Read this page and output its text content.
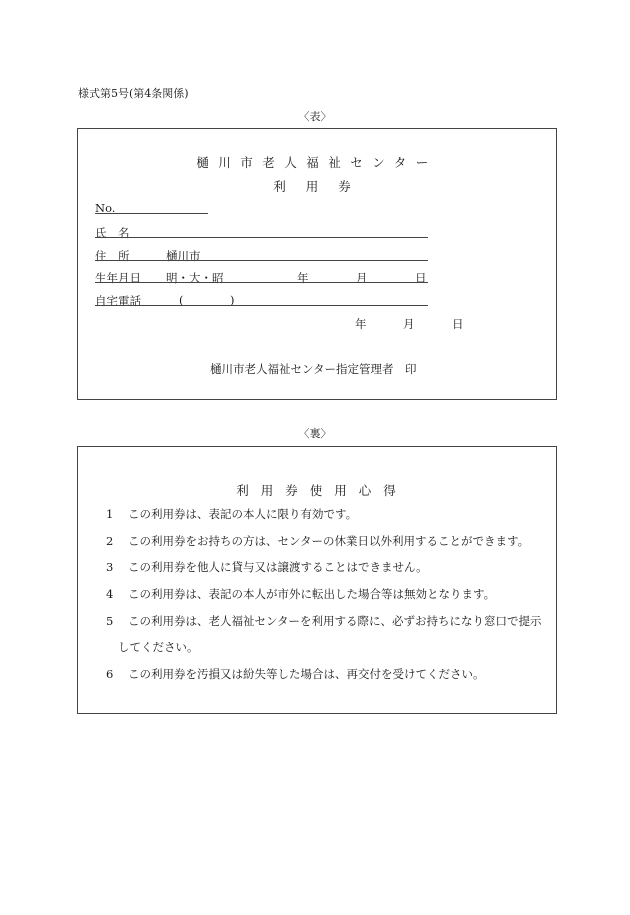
様式第5号(第4条関係)
〈表〉
樋川市老人福祉センター
利用券
No.
氏　名
住　所	樋川市
生年月日 明・大・昭	年	月	日
自宅電話	(	)
年	月	日
樋川市老人福祉センター指定管理者　印
〈裏〉
利用券使用心得
1 この利用券は、表記の本人に限り有効です。
2 この利用券をお持ちの方は、センターの休業日以外利用することができます。
3 この利用券を他人に貸与又は譲渡することはできません。
4 この利用券は、表記の本人が市外に転出した場合等は無効となります。
5 この利用券は、老人福祉センターを利用する際に、必ずお持ちになり窓口で提示
してください。
6 この利用券を汚損又は紛失等した場合は、再交付を受けてください。
